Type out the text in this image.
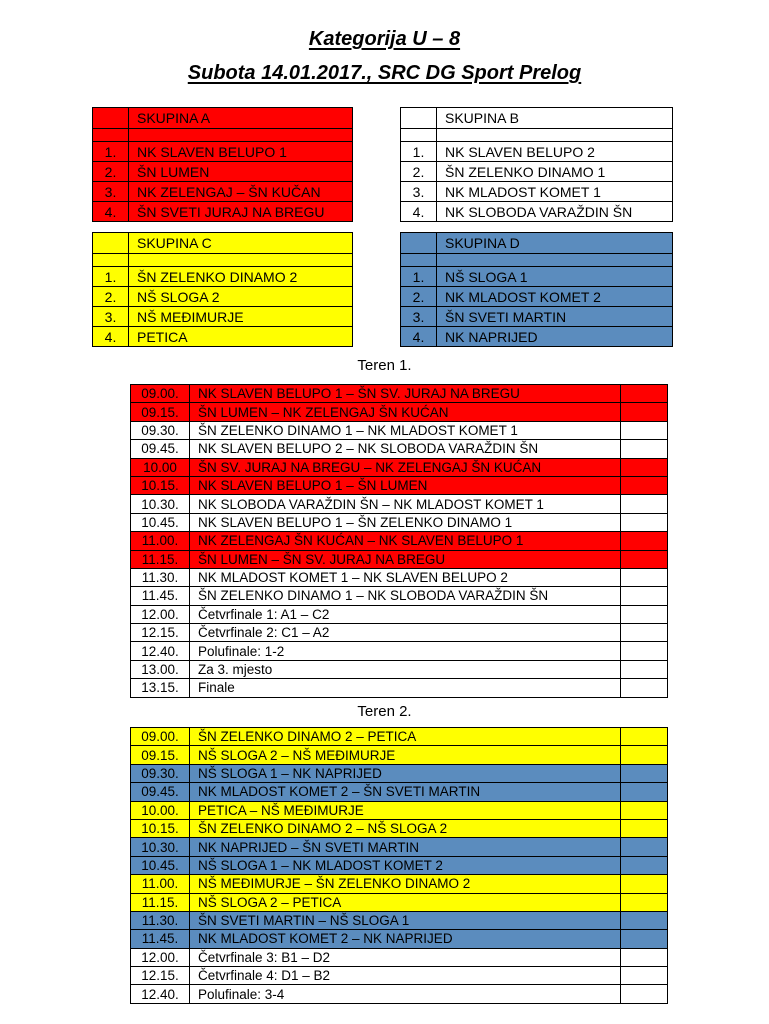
Kategorija U – 8
Subota 14.01.2017., SRC DG Sport Prelog
	SKUPINA A

1.	NK SLAVEN BELUPO 1
2.	ŠN LUMEN
3.	NK ZELENGAJ – ŠN KUČAN
4.	ŠN SVETI JURAJ NA BREGU
	SKUPINA B

1.	NK SLAVEN BELUPO 2
2.	ŠN ZELENKO DINAMO 1
3.	NK MLADOST KOMET 1
4.	NK SLOBODA VARAŽDIN ŠN
	SKUPINA C

1.	ŠN ZELENKO DINAMO 2
2.	NŠ SLOGA 2
3.	NŠ MEĐIMURJE
4.	PETICA
	SKUPINA D

1.	NŠ SLOGA 1
2.	NK MLADOST KOMET 2
3.	ŠN SVETI MARTIN
4.	NK NAPRIJED
Teren 1.
09.00.	NK SLAVEN BELUPO 1 – ŠN SV. JURAJ NA BREGU	
09.15.	ŠN LUMEN – NK ZELENGAJ ŠN KUĆAN	
09.30.	ŠN ZELENKO DINAMO 1 – NK MLADOST KOMET 1	
09.45.	NK SLAVEN BELUPO 2 – NK SLOBODA VARAŽDIN ŠN	
10.00	ŠN SV. JURAJ NA BREGU – NK ZELENGAJ ŠN KUĆAN	
10.15.	NK SLAVEN BELUPO 1 – ŠN LUMEN	
10.30.	NK SLOBODA VARAŽDIN ŠN – NK MLADOST KOMET 1	
10.45.	NK SLAVEN BELUPO 1 – ŠN ZELENKO DINAMO 1	
11.00.	NK ZELENGAJ ŠN KUĆAN – NK SLAVEN BELUPO 1	
11.15.	ŠN LUMEN – ŠN SV. JURAJ NA BREGU	
11.30.	NK MLADOST KOMET 1 – NK SLAVEN BELUPO 2	
11.45.	ŠN ZELENKO DINAMO 1 – NK SLOBODA VARAŽDIN ŠN	
12.00.	Četvrfinale 1: A1 – C2	
12.15.	Četvrfinale 2: C1 – A2	
12.40.	Polufinale: 1-2	
13.00.	Za 3. mjesto	
13.15.	Finale	
Teren 2.
09.00.	ŠN ZELENKO DINAMO 2 – PETICA	
09.15.	NŠ SLOGA 2 – NŠ MEĐIMURJE	
09.30.	NŠ SLOGA 1 – NK NAPRIJED	
09.45.	NK MLADOST KOMET 2 – ŠN SVETI MARTIN	
10.00.	PETICA – NŠ MEĐIMURJE	
10.15.	ŠN ZELENKO DINAMO 2 – NŠ SLOGA 2	
10.30.	NK NAPRIJED – ŠN SVETI MARTIN	
10.45.	NŠ SLOGA 1 – NK MLADOST KOMET 2	
11.00.	NŠ MEĐIMURJE – ŠN ZELENKO DINAMO 2	
11.15.	NŠ SLOGA 2 – PETICA	
11.30.	ŠN SVETI MARTIN – NŠ SLOGA 1	
11.45.	NK MLADOST KOMET 2 – NK NAPRIJED	
12.00.	Četvrfinale 3: B1 – D2	
12.15.	Četvrfinale 4: D1 – B2	
12.40.	Polufinale: 3-4	
